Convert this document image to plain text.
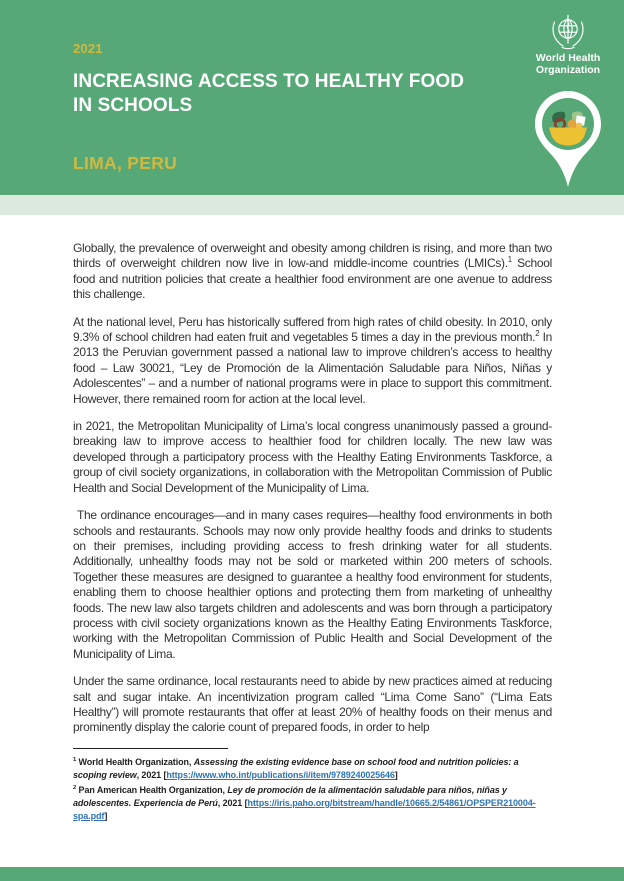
2021
INCREASING ACCESS TO HEALTHY FOOD
IN SCHOOLS
LIMA, PERU
World Health
Organization

Globally, the prevalence of overweight and obesity among children is rising, and more than two thirds of overweight children now live in low-and middle-income countries (LMICs).$^1$ School food and nutrition policies that create a healthier food environment are one avenue to address this challenge.

At the national level, Peru has historically suffered from high rates of child obesity. In 2010, only 9.3% of school children had eaten fruit and vegetables 5 times a day in the previous month.$^2$ In 2013 the Peruvian government passed a national law to improve children’s access to healthy food – Law 30021, “Ley de Promoción de la Alimentación Saludable para Niños, Niñas y Adolescentes” – and a number of national programs were in place to support this commitment. However, there remained room for action at the local level.

in 2021, the Metropolitan Municipality of Lima’s local congress unanimously passed a ground-breaking law to improve access to healthier food for children locally. The new law was developed through a participatory process with the Healthy Eating Environments Taskforce, a group of civil society organizations, in collaboration with the Metropolitan Commission of Public Health and Social Development of the Municipality of Lima.

The ordinance encourages—and in many cases requires—healthy food environments in both schools and restaurants. Schools may now only provide healthy foods and drinks to students on their premises, including providing access to fresh drinking water for all students. Additionally, unhealthy foods may not be sold or marketed within 200 meters of schools. Together these measures are designed to guarantee a healthy food environment for students, enabling them to choose healthier options and protecting them from marketing of unhealthy foods. The new law also targets children and adolescents and was born through a participatory process with civil society organizations known as the Healthy Eating Environments Taskforce, working with the Metropolitan Commission of Public Health and Social Development of the Municipality of Lima.

Under the same ordinance, local restaurants need to abide by new practices aimed at reducing salt and sugar intake. An incentivization program called “Lima Come Sano” (“Lima Eats Healthy”) will promote restaurants that offer at least 20% of healthy foods on their menus and prominently display the calorie count of prepared foods, in order to help

$^1$ World Health Organization, Assessing the existing evidence base on school food and nutrition policies: a scoping review, 2021 [https://www.who.int/publications/i/item/9789240025646]

$^2$ Pan American Health Organization, Ley de promoción de la alimentación saludable para niños, niñas y adolescentes. Experiencia de Perú, 2021 [https://iris.paho.org/bitstream/handle/10665.2/54861/OPSPER210004-spa.pdf]
